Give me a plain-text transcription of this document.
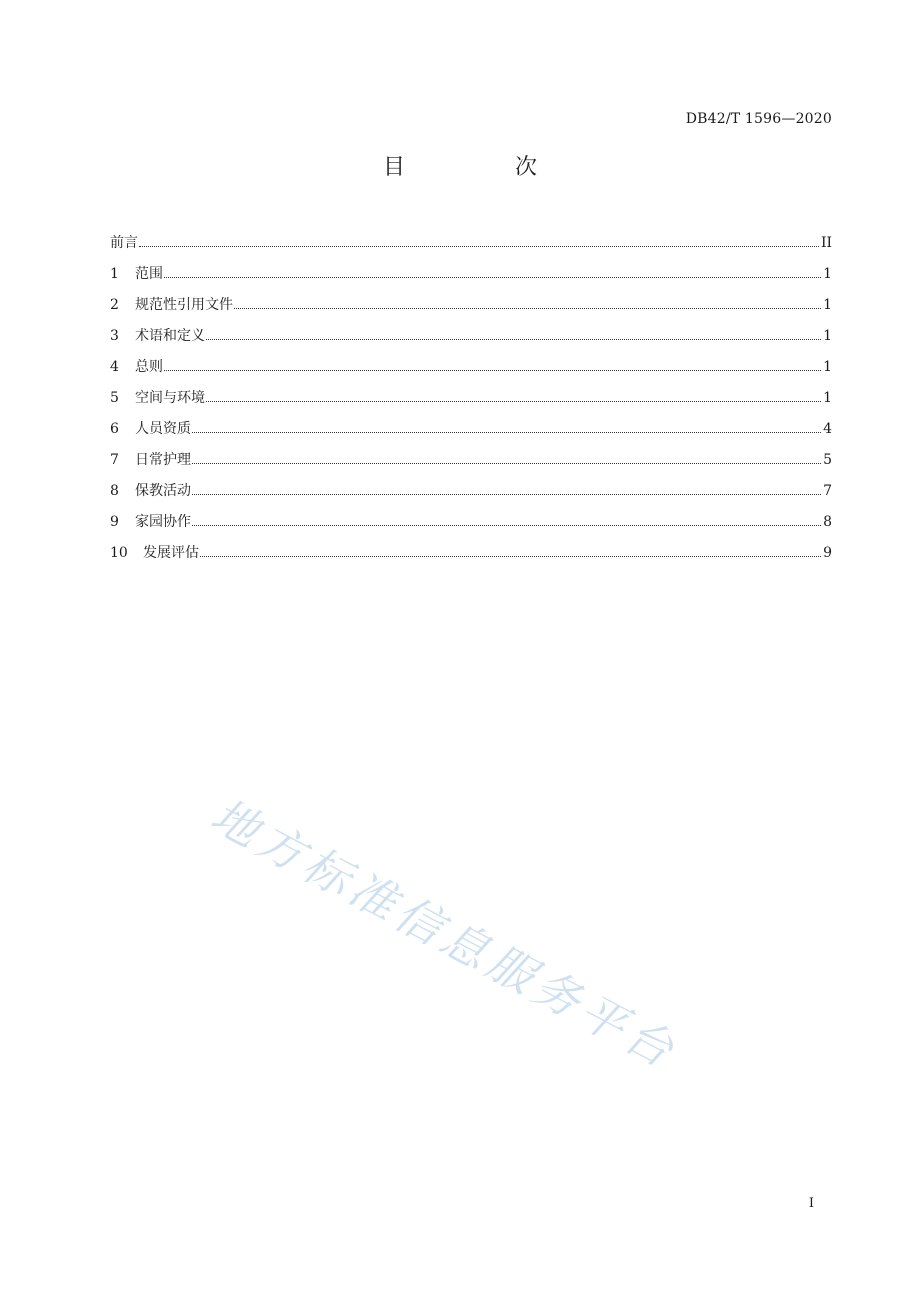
DB42/T 1596—2020
目　次
前言	II
1	范围	1
2	规范性引用文件	1
3	术语和定义	1
4	总则	1
5	空间与环境	1
6	人员资质	4
7	日常护理	5
8	保教活动	7
9	家园协作	8
10	发展评估	9
地方标准信息服务平台
I
